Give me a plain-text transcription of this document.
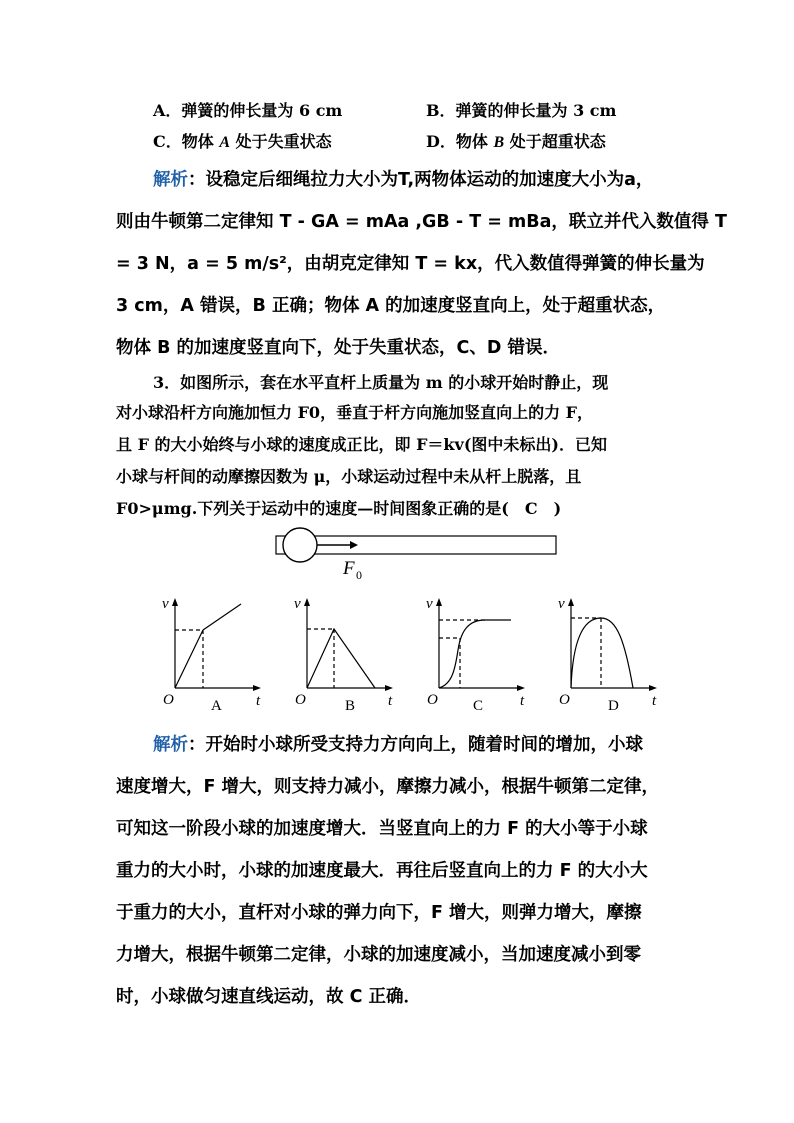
A．弹簧的伸长量为 6 cm	B．弹簧的伸长量为 3 cm
C．物体 A 处于失重状态	D．物体 B 处于超重状态
解析：设稳定后细绳拉力大小为T,两物体运动的加速度大小为a，
则由牛顿第二定律知 T - GA = mAa ,GB - T = mBa，联立并代入数值得 T
= 3 N，a = 5 m/s²，由胡克定律知 T = kx，代入数值得弹簧的伸长量为
3 cm，A 错误，B 正确；物体 A 的加速度竖直向上，处于超重状态，
物体 B 的加速度竖直向下，处于失重状态，C、D 错误．
3．如图所示，套在水平直杆上质量为 m 的小球开始时静止，现
对小球沿杆方向施加恒力 F0，垂直于杆方向施加竖直向上的力 F，
且 F 的大小始终与小球的速度成正比，即 F＝kv(图中未标出)．已知
小球与杆间的动摩擦因数为 μ，小球运动过程中未从杆上脱落，且
F0>μmg.下列关于运动中的速度—时间图象正确的是(　C　)
F 0
v
t
O
v
t
O
v
t
O
v
t
O
A	B	C	D
解析：开始时小球所受支持力方向向上，随着时间的增加，小球
速度增大，F 增大，则支持力减小，摩擦力减小，根据牛顿第二定律，
可知这一阶段小球的加速度增大．当竖直向上的力 F 的大小等于小球
重力的大小时，小球的加速度最大．再往后竖直向上的力 F 的大小大
于重力的大小，直杆对小球的弹力向下，F 增大，则弹力增大，摩擦
力增大，根据牛顿第二定律，小球的加速度减小，当加速度减小到零
时，小球做匀速直线运动，故 C 正确．
